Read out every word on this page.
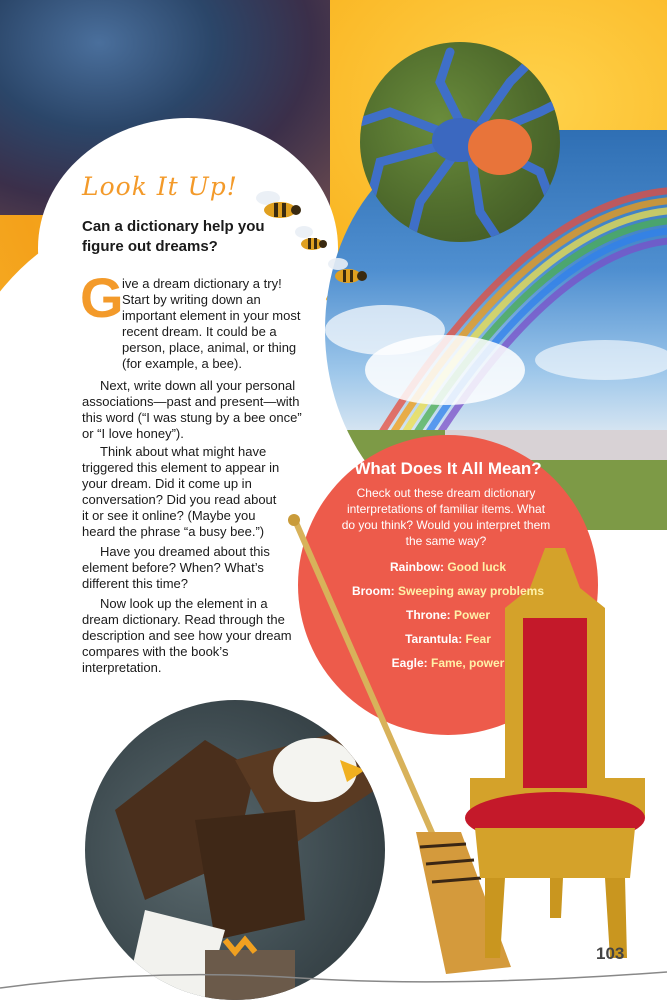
Look It Up!
Can a dictionary help you figure out dreams?
G

ive a dream dictionary a try! Start by writing down an important element in your most recent dream. It could be a person, place, animal, or thing (for example, a bee).

Next, write down all your personal associations—past and present—with this word (“I was stung by a bee once” or “I love honey”).

Think about what might have triggered this element to appear in your dream. Did it come up in conversation? Did you read about it or see it online? (Maybe you heard the phrase “a busy bee.”)

Have you dreamed about this element before? When? What’s different this time?

Now look up the element in a dream dictionary. Read through the description and see how your dream compares with the book’s interpretation.

What Does It All Mean?
Check out these dream dictionary interpretations of familiar items. What do you think? Would you interpret them the same way?
Rainbow: Good luck
Broom: Sweeping away problems
Throne: Power
Tarantula: Fear
Eagle: Fame, power
103
